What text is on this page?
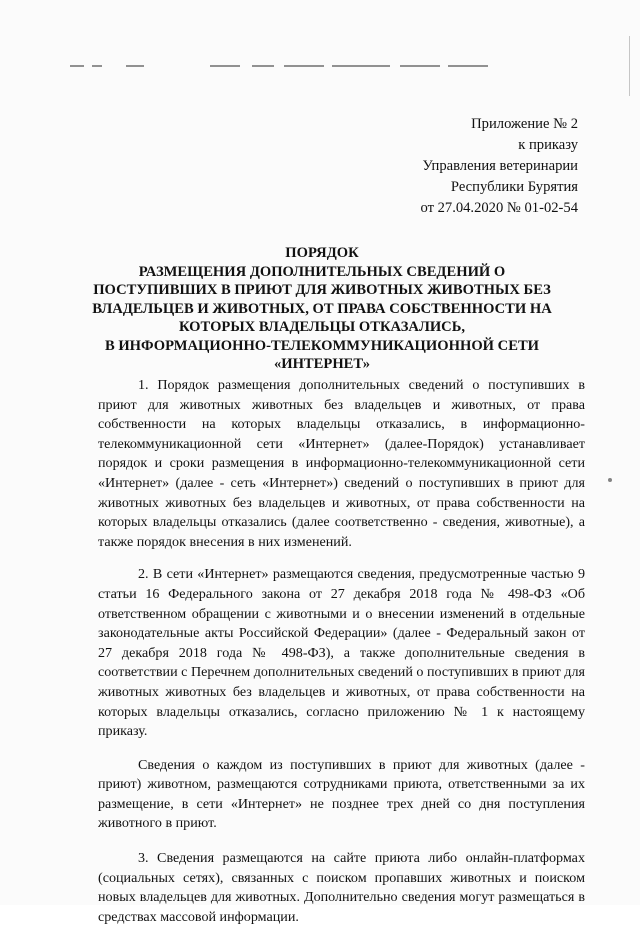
Приложение № 2
к приказу
Управления ветеринарии
Республики Бурятия
от 27.04.2020 № 01-02-54
ПОРЯДОК
РАЗМЕЩЕНИЯ ДОПОЛНИТЕЛЬНЫХ СВЕДЕНИЙ О
ПОСТУПИВШИХ В ПРИЮТ ДЛЯ ЖИВОТНЫХ ЖИВОТНЫХ БЕЗ
ВЛАДЕЛЬЦЕВ И ЖИВОТНЫХ, ОТ ПРАВА СОБСТВЕННОСТИ НА
КОТОРЫХ ВЛАДЕЛЬЦЫ ОТКАЗАЛИСЬ,
В ИНФОРМАЦИОННО-ТЕЛЕКОММУНИКАЦИОННОЙ СЕТИ
«ИНТЕРНЕТ»

1. Порядок размещения дополнительных сведений о поступивших в приют для животных животных без владельцев и животных, от права собственности на которых владельцы отказались, в информационно-телекоммуникационной сети «Интернет» (далее-Порядок) устанавливает порядок и сроки размещения в информационно-телекоммуникационной сети «Интернет» (далее - сеть «Интернет») сведений о поступивших в приют для животных животных без владельцев и животных, от права собственности на которых владельцы отказались (далее соответственно - сведения, животные), а также порядок внесения в них изменений.

2. В сети «Интернет» размещаются сведения, предусмотренные частью 9 статьи 16 Федерального закона от 27 декабря 2018 года № 498-ФЗ «Об ответственном обращении с животными и о внесении изменений в отдельные законодательные акты Российской Федерации» (далее - Федеральный закон от 27 декабря 2018 года № 498-ФЗ), а также дополнительные сведения в соответствии с Перечнем дополнительных сведений о поступивших в приют для животных животных без владельцев и животных, от права собственности на которых владельцы отказались, согласно приложению № 1 к настоящему приказу.

Сведения о каждом из поступивших в приют для животных (далее - приют) животном, размещаются сотрудниками приюта, ответственными за их размещение, в сети «Интернет» не позднее трех дней со дня поступления животного в приют.

3. Сведения размещаются на сайте приюта либо онлайн-платформах (социальных сетях), связанных с поиском пропавших животных и поиском новых владельцев для животных. Дополнительно сведения могут размещаться в средствах массовой информации.
